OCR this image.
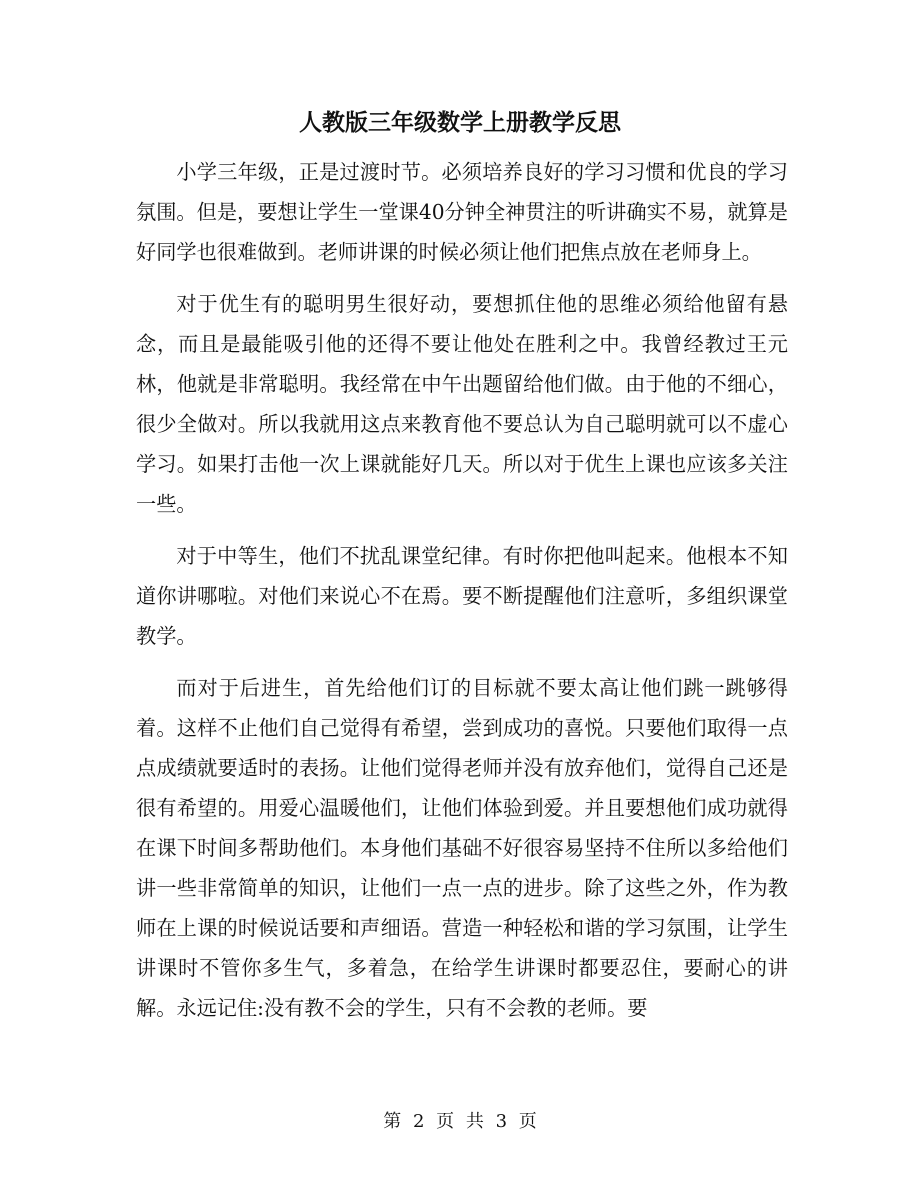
人教版三年级数学上册教学反思

小学三年级，正是过渡时节。必须培养良好的学习习惯和优良的学习氛围。但是，要想让学生一堂课40分钟全神贯注的听讲确实不易，就算是好同学也很难做到。老师讲课的时候必须让他们把焦点放在老师身上。

对于优生有的聪明男生很好动，要想抓住他的思维必须给他留有悬念，而且是最能吸引他的还得不要让他处在胜利之中。我曾经教过王元林，他就是非常聪明。我经常在中午出题留给他们做。由于他的不细心，很少全做对。所以我就用这点来教育他不要总认为自己聪明就可以不虚心学习。如果打击他一次上课就能好几天。所以对于优生上课也应该多关注一些。

对于中等生，他们不扰乱课堂纪律。有时你把他叫起来。他根本不知道你讲哪啦。对他们来说心不在焉。要不断提醒他们注意听，多组织课堂教学。

而对于后进生，首先给他们订的目标就不要太高让他们跳一跳够得着。这样不止他们自己觉得有希望，尝到成功的喜悦。只要他们取得一点点成绩就要适时的表扬。让他们觉得老师并没有放弃他们，觉得自己还是很有希望的。用爱心温暖他们，让他们体验到爱。并且要想他们成功就得在课下时间多帮助他们。本身他们基础不好很容易坚持不住所以多给他们讲一些非常简单的知识，让他们一点一点的进步。除了这些之外，作为教师在上课的时候说话要和声细语。营造一种轻松和谐的学习氛围，让学生讲课时不管你多生气，多着急，在给学生讲课时都要忍住，要耐心的讲解。永远记住:没有教不会的学生，只有不会教的老师。要

第 2 页 共 3 页
